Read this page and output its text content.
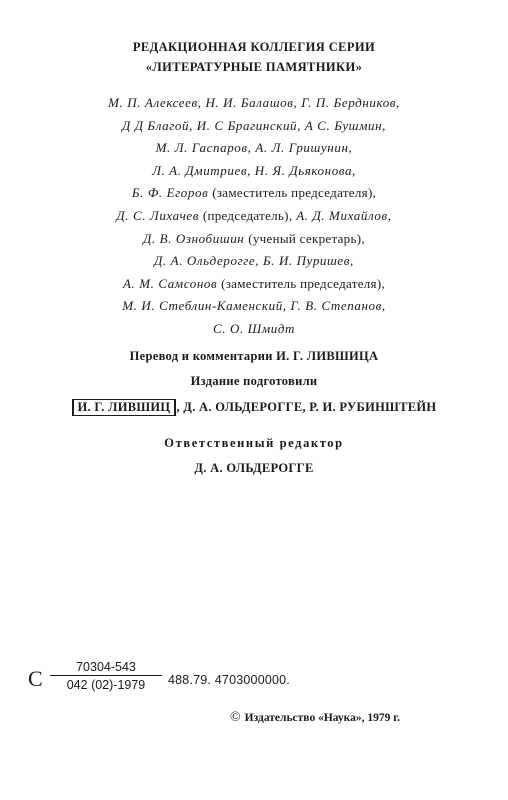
РЕДАКЦИОННАЯ КОЛЛЕГИЯ СЕРИИ
«ЛИТЕРАТУРНЫЕ ПАМЯТНИКИ»
М. П. Алексеев, Н. И. Балашов, Г. П. Бердников,
Д Д Благой, И. С Брагинский, А С. Бушмин,
М. Л. Гаспаров, А. Л. Гришунин,
Л. А. Дмитриев, Н. Я. Дьяконова,
Б. Ф. Егоров (заместитель председателя),
Д. С. Лихачев (председатель), А. Д. Михайлов,
Д. В. Ознобишин (ученый секретарь),
Д. А. Ольдерогге, Б. И. Пуришев,
А. М. Самсонов (заместитель председателя),
М. И. Стеблин-Каменский, Г. В. Степанов,
С. О. Шмидт
Перевод и комментарии И. Г. ЛИВШИЦА
Издание подготовили
И. Г. ЛИВШИЦ , Д. А. ОЛЬДЕРОГГЕ, Р. И. РУБИНШТЕЙН
Ответственный редактор
Д. А. ОЛЬДЕРОГГЕ
С $\frac{70304-543}{042 (02)-1979} 488.79$. 4703000000.
© Издательство «Наука», 1979 г.
